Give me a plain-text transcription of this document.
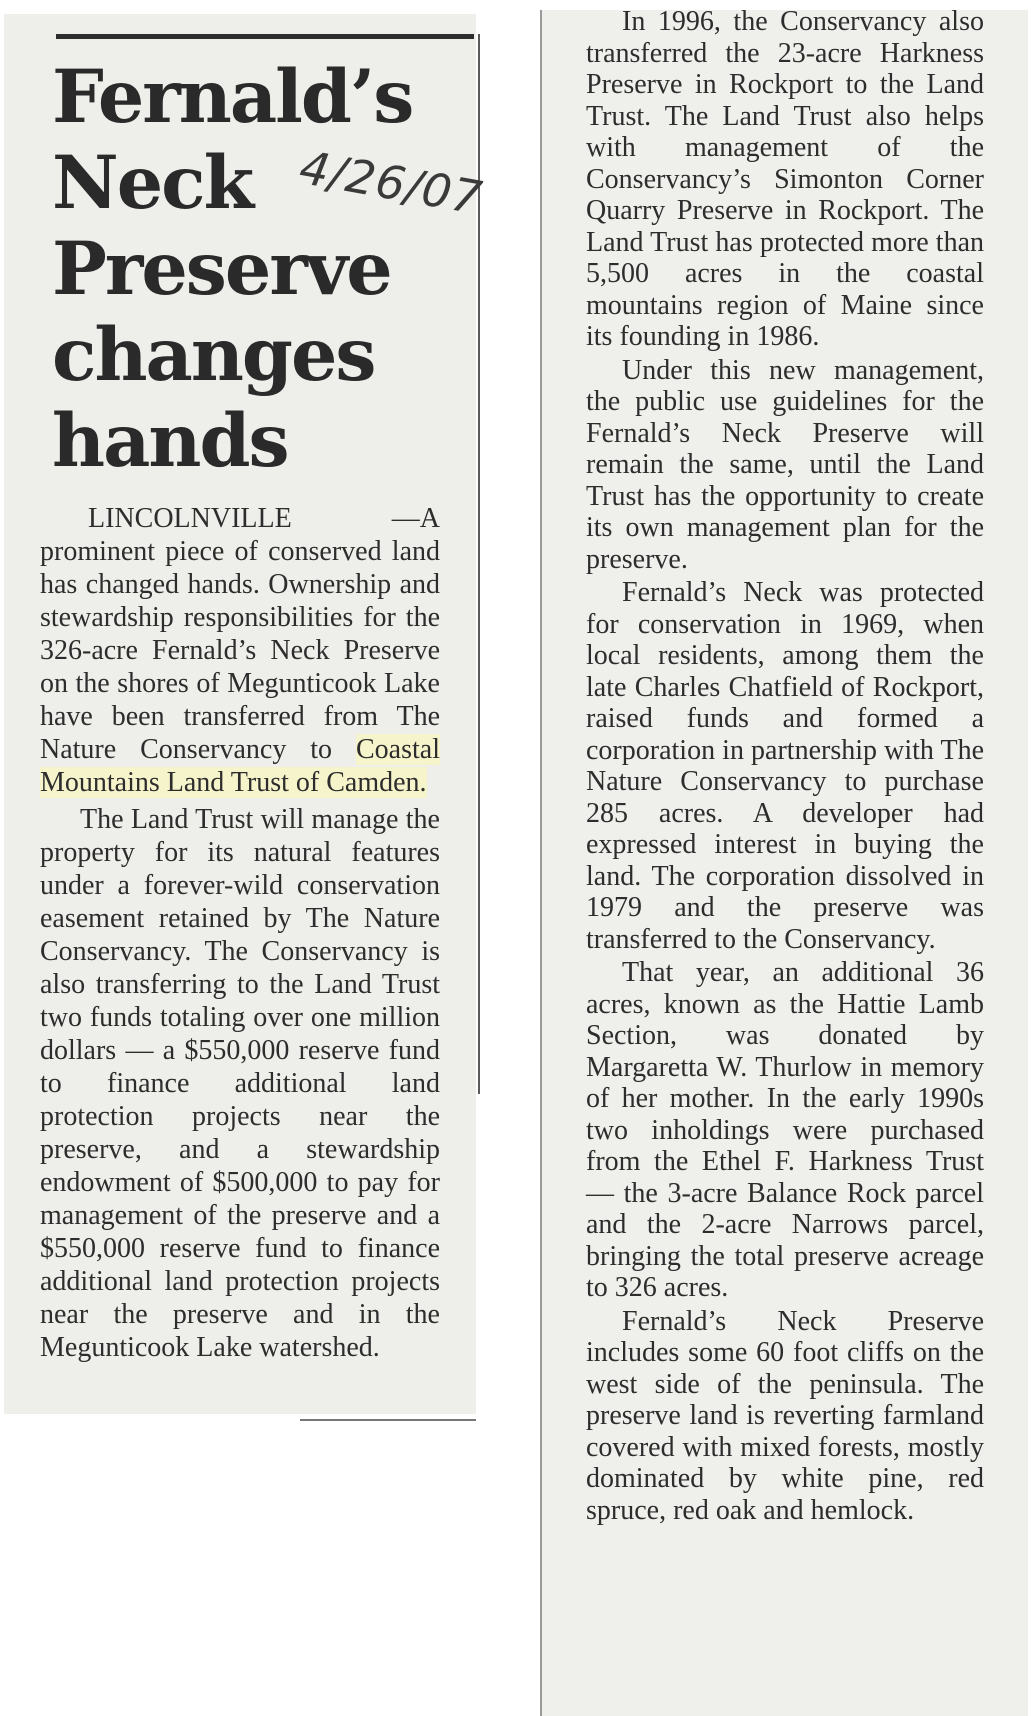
Fernald’s Neck Preserve changes hands
4/26/07

LINCOLNVILLE —A prominent piece of conserved land has changed hands. Ownership and stewardship responsibilities for the 326-acre Fernald’s Neck Preserve on the shores of Megunticook Lake have been transferred from The Nature Conservancy to Coastal Mountains Land Trust of Camden.

The Land Trust will manage the property for its natural features under a forever-wild conservation easement retained by The Nature Conservancy. The Conservancy is also transferring to the Land Trust two funds totaling over one million dollars — a $550,000 reserve fund to finance additional land protection projects near the preserve, and a stewardship endowment of $500,000 to pay for management of the preserve and a $550,000 reserve fund to finance additional land protection projects near the preserve and in the Megunticook Lake watershed.

In 1996, the Conservancy also transferred the 23-acre Harkness Preserve in Rockport to the Land Trust. The Land Trust also helps with management of the Conservancy’s Simonton Corner Quarry Preserve in Rockport. The Land Trust has protected more than 5,500 acres in the coastal mountains region of Maine since its founding in 1986.

Under this new management, the public use guidelines for the Fernald’s Neck Preserve will remain the same, until the Land Trust has the opportunity to create its own management plan for the preserve.

Fernald’s Neck was protected for conservation in 1969, when local residents, among them the late Charles Chatfield of Rockport, raised funds and formed a corporation in partnership with The Nature Conservancy to purchase 285 acres. A developer had expressed interest in buying the land. The corporation dissolved in 1979 and the preserve was transferred to the Conservancy.

That year, an additional 36 acres, known as the Hattie Lamb Section, was donated by Margaretta W. Thurlow in memory of her mother. In the early 1990s two inholdings were purchased from the Ethel F. Harkness Trust — the 3-acre Balance Rock parcel and the 2-acre Narrows parcel, bringing the total preserve acreage to 326 acres.

Fernald’s Neck Preserve includes some 60 foot cliffs on the west side of the peninsula. The preserve land is reverting farmland covered with mixed forests, mostly dominated by white pine, red spruce, red oak and hemlock.
